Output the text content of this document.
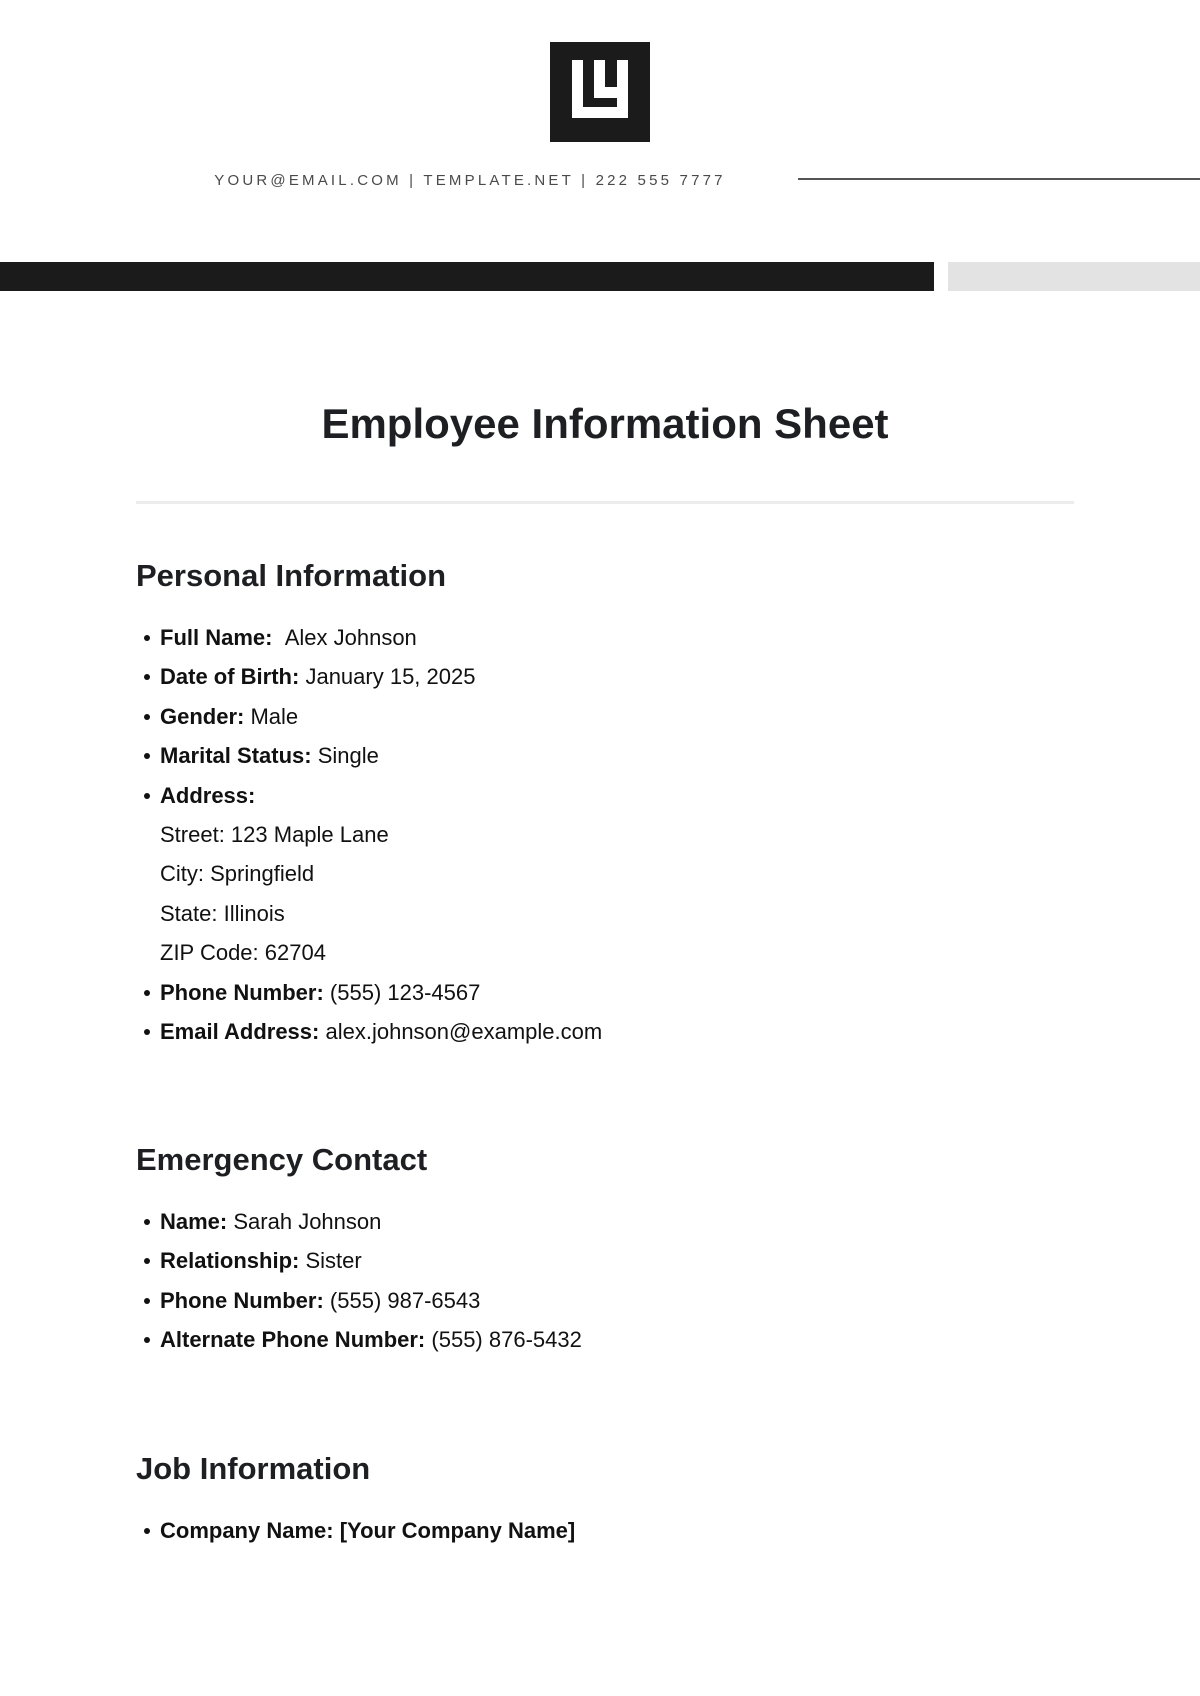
YOUR@EMAIL.COM | TEMPLATE.NET | 222 555 7777
Employee Information Sheet
Personal Information
Full Name: Alex Johnson
Date of Birth: January 15, 2025
Gender: Male
Marital Status: Single
Address:
Street: 123 Maple Lane
City: Springfield
State: Illinois
ZIP Code: 62704
Phone Number: (555) 123-4567
Email Address: alex.johnson@example.com
Emergency Contact
Name: Sarah Johnson
Relationship: Sister
Phone Number: (555) 987-6543
Alternate Phone Number: (555) 876-5432
Job Information
Company Name: [Your Company Name]
